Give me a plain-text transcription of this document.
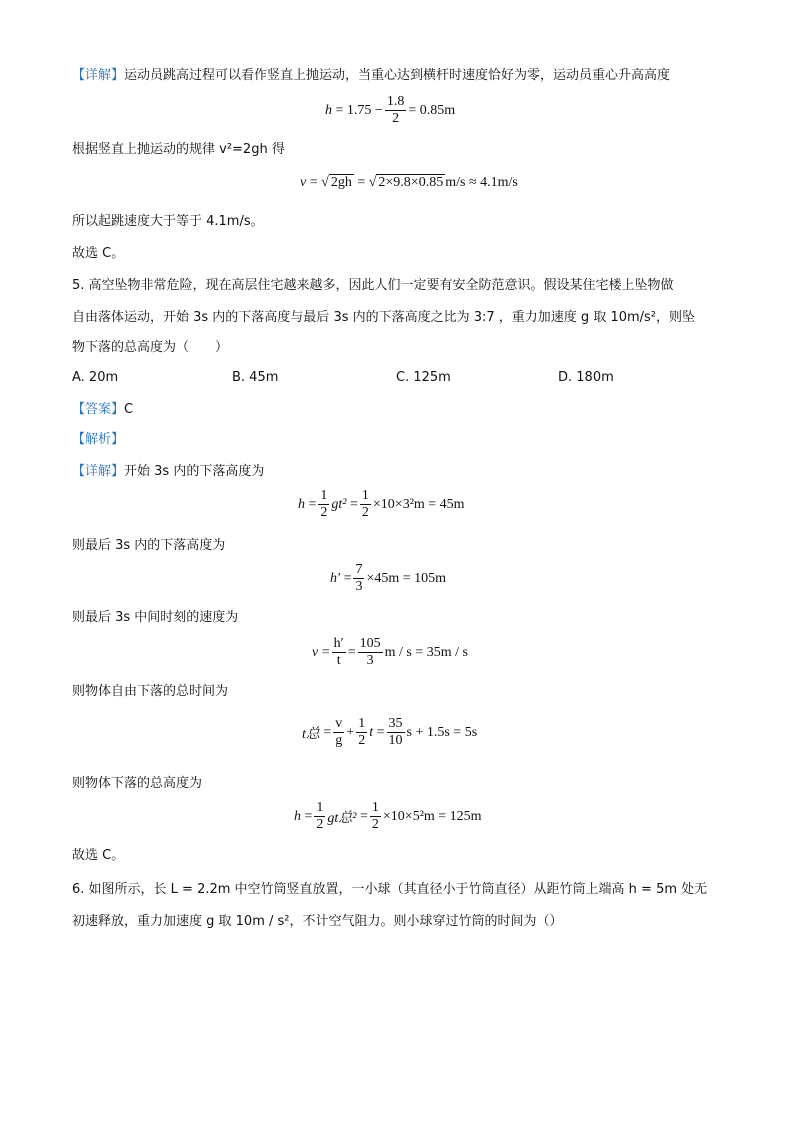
【详解】运动员跳高过程可以看作竖直上抛运动，当重心达到横杆时速度恰好为零，运动员重心升高高度
$h = 1.75 - \frac{1.8}{2} = 0.85m$
根据竖直上抛运动的规律 v²=2gh 得
v = √ 2gh = √ 2×9.8×0.85 m/s ≈ 4.1m/s
所以起跳速度大于等于 4.1m/s。
故选 C。
5. 高空坠物非常危险，现在高层住宅越来越多，因此人们一定要有安全防范意识。假设某住宅楼上坠物做
自由落体运动，开始 3s 内的下落高度与最后 3s 内的下落高度之比为 3:7 ，重力加速度 g 取 10m/s²，则坠
物下落的总高度为（　　）
A. 20m	B. 45m	C. 125m	D. 180m
【答案】C
【解析】
【详解】开始 3s 内的下落高度为
$h = \frac{1}{2} gt^2 = \frac{1}{2} \times 10\times 3^2m = 45m$
则最后 3s 内的下落高度为
$h' = \frac{7}{3} \times 45m = 105m$
则最后 3s 中间时刻的速度为
$v = \frac{h'}{t} = \frac{105}{3}$ m / s = 35m / s
则物体自由下落的总时间为
t总 = $\frac{v}{g} + \frac{1}{2}$ $t = \frac{35}{10}$ s + 1.5s = 5s
则物体下落的总高度为
$h = \frac{1}{2}$ gt总$^2 = \frac{1}{2} \times 10\times 5^2m = 125m$
故选 C。
6. 如图所示，长 L = 2.2m 中空竹筒竖直放置，一小球（其直径小于竹筒直径）从距竹筒上端高 h = 5m 处无
初速释放，重力加速度 g 取 10m / s²，不计空气阻力。则小球穿过竹筒的时间为（）
